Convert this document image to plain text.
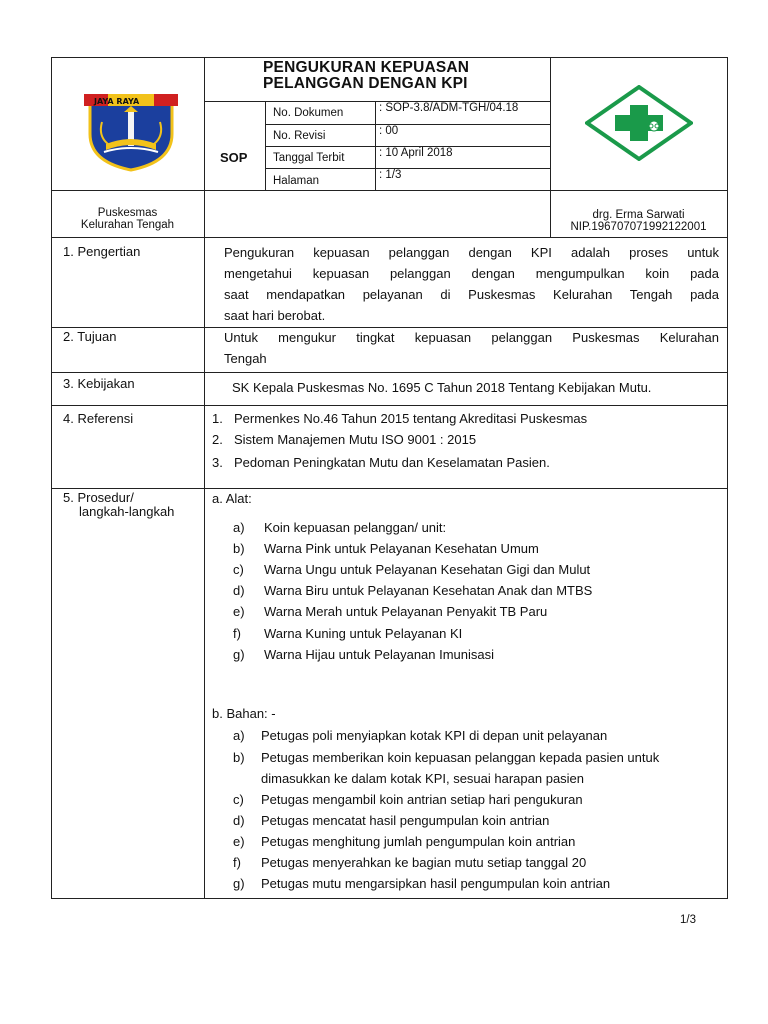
JAYA RAYA
PENGUKURAN KEPUASAN
PELANGGAN DENGAN KPI
SOP
No. Dokumen	: SOP-3.8/ADM-TGH/04.18
No. Revisi	: 00
Tanggal Terbit	: 10 April 2018
Halaman	: 1/3
Puskesmas
Kelurahan Tengah
drg. Erma Sarwati
NIP.196707071992122001
1. Pengertian	Pengukuran kepuasan pelanggan dengan KPI adalah proses untuk
mengetahui kepuasan pelanggan dengan mengumpulkan koin pada
saat mendapatkan pelayanan di Puskesmas Kelurahan Tengah pada
saat hari berobat.
2. Tujuan	Untuk mengukur tingkat kepuasan pelanggan Puskesmas Kelurahan
Tengah
3. Kebijakan	SK Kepala Puskesmas No. 1695 C Tahun 2018 Tentang Kebijakan Mutu.
4. Referensi	1. Permenkes No.46 Tahun 2015 tentang Akreditasi Puskesmas
2. Sistem Manajemen Mutu ISO 9001 : 2015
3. Pedoman Peningkatan Mutu dan Keselamatan Pasien.
5. Prosedur/
langkah-langkah
a. Alat:
a) Koin kepuasan pelanggan/ unit:
b) Warna Pink untuk Pelayanan Kesehatan Umum
c) Warna Ungu untuk Pelayanan Kesehatan Gigi dan Mulut
d) Warna Biru untuk Pelayanan Kesehatan Anak dan MTBS
e) Warna Merah untuk Pelayanan Penyakit TB Paru
f) Warna Kuning untuk Pelayanan KI
g) Warna Hijau untuk Pelayanan Imunisasi
b. Bahan: -
a) Petugas poli menyiapkan kotak KPI di depan unit pelayanan
b) Petugas memberikan koin kepuasan pelanggan kepada pasien untuk
dimasukkan ke dalam kotak KPI, sesuai harapan pasien
c) Petugas mengambil koin antrian setiap hari pengukuran
d) Petugas mencatat hasil pengumpulan koin antrian
e) Petugas menghitung jumlah pengumpulan koin antrian
f) Petugas menyerahkan ke bagian mutu setiap tanggal 20
g) Petugas mutu mengarsipkan hasil pengumpulan koin antrian
1/3
